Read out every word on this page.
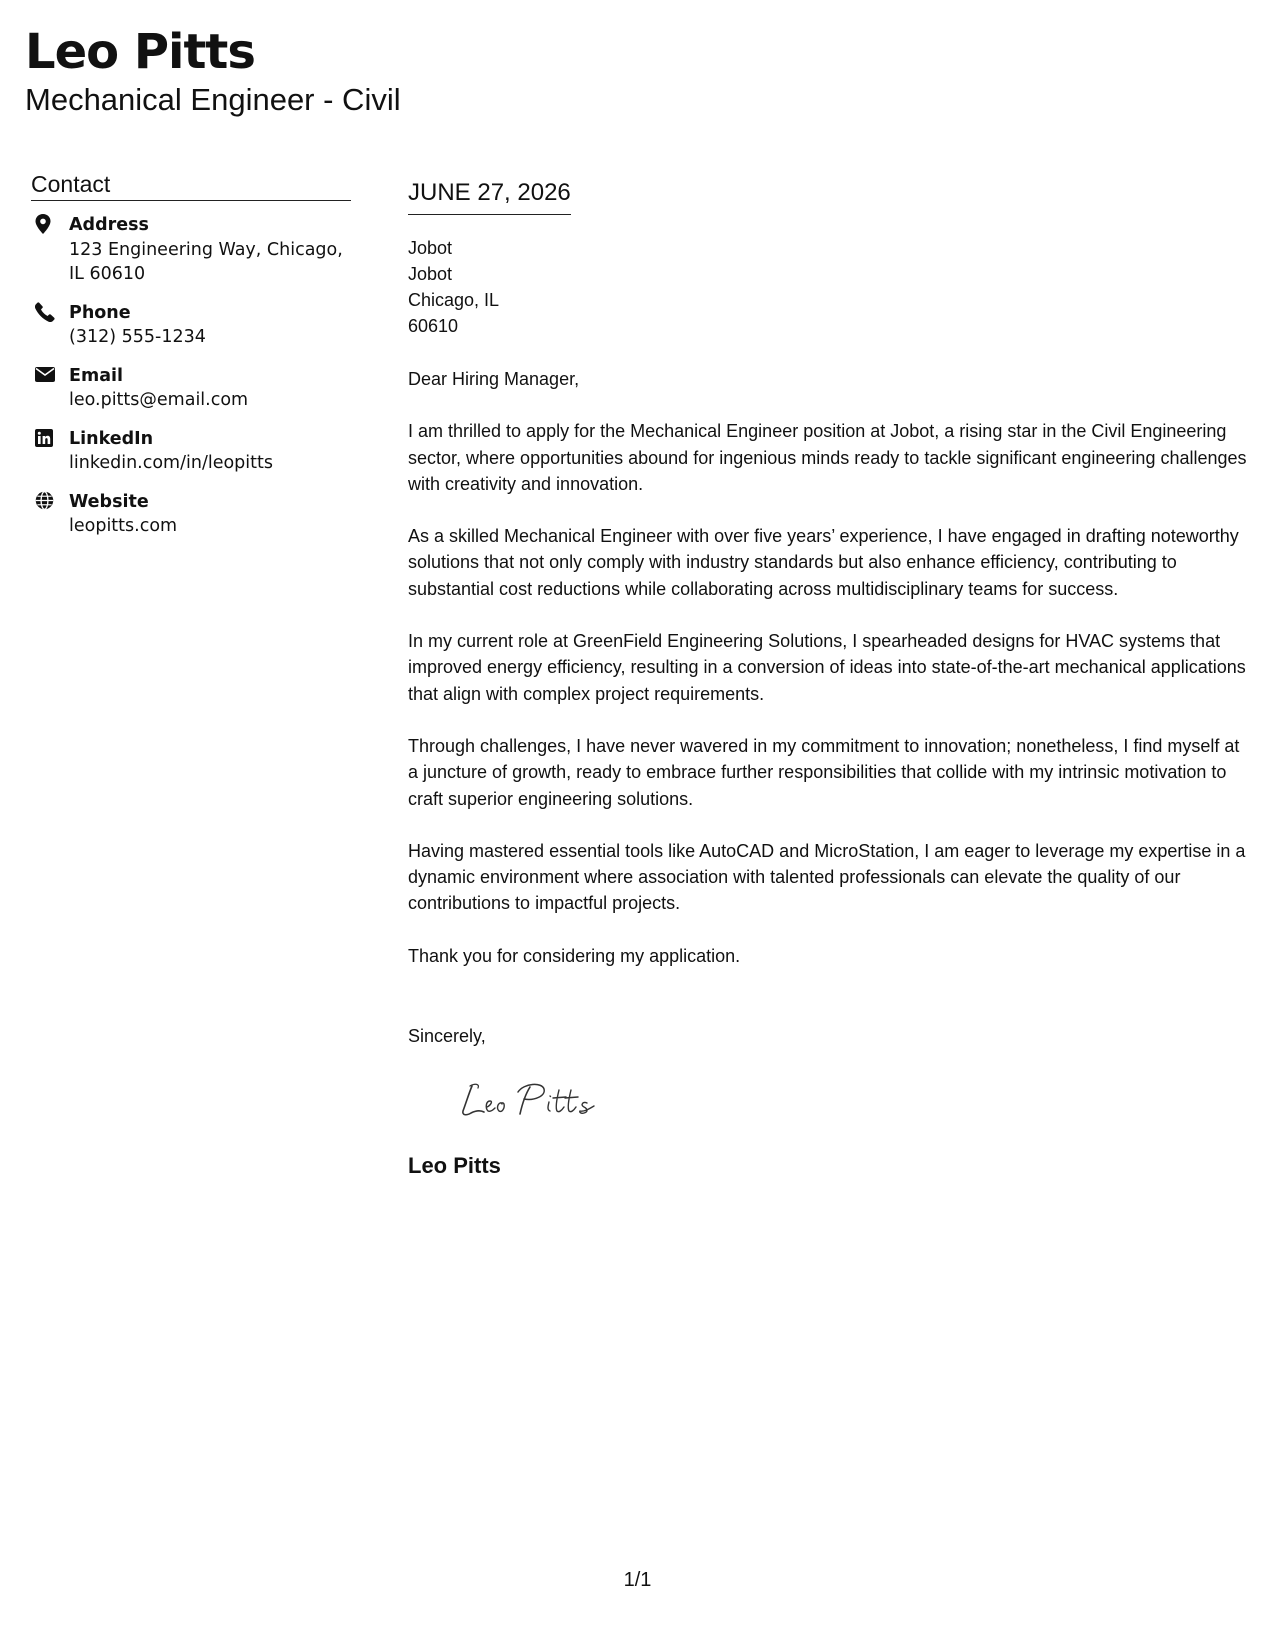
Leo Pitts
Mechanical Engineer - Civil
Contact
Address
123 Engineering Way, Chicago, IL 60610
Phone
(312) 555-1234
Email
leo.pitts@email.com
LinkedIn
linkedin.com/in/leopitts
Website
leopitts.com
JUNE 27, 2026
Jobot
Jobot
Chicago, IL
60610

Dear Hiring Manager,

I am thrilled to apply for the Mechanical Engineer position at Jobot, a rising star in the Civil Engineering sector, where opportunities abound for ingenious minds ready to tackle significant engineering challenges with creativity and innovation.

As a skilled Mechanical Engineer with over five years’ experience, I have engaged in drafting noteworthy solutions that not only comply with industry standards but also enhance efficiency, contributing to substantial cost reductions while collaborating across multidisciplinary teams for success.

In my current role at GreenField Engineering Solutions, I spearheaded designs for HVAC systems that improved energy efficiency, resulting in a conversion of ideas into state-of-the-art mechanical applications that align with complex project requirements.

Through challenges, I have never wavered in my commitment to innovation; nonetheless, I find myself at a juncture of growth, ready to embrace further responsibilities that collide with my intrinsic motivation to craft superior engineering solutions.

Having mastered essential tools like AutoCAD and MicroStation, I am eager to leverage my expertise in a dynamic environment where association with talented professionals can elevate the quality of our contributions to impactful projects.

Thank you for considering my application.

Sincerely,
Leo Pitts
1/1
